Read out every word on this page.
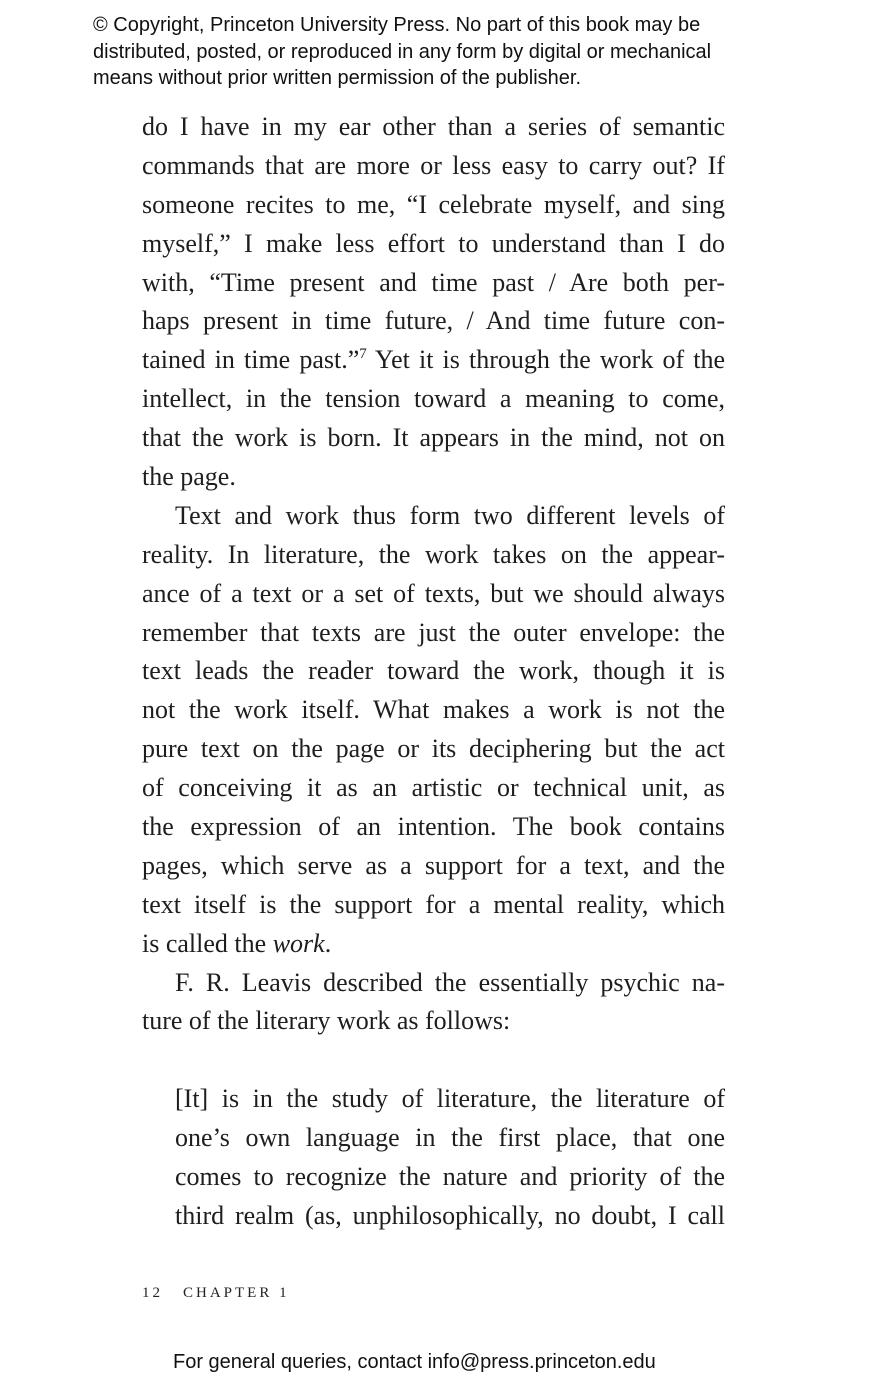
© Copyright, Princeton University Press. No part of this book may be
distributed, posted, or reproduced in any form by digital or mechanical
means without prior written permission of the publisher.
do I have in my ear other than a series of semantic
commands that are more or less easy to carry out? If
someone recites to me, “I celebrate myself, and sing
myself,” I make less effort to understand than I do
with, “Time present and time past / Are both per-
haps present in time future, / And time future con-
tained in time past.”$^7$ Yet it is through the work of the
intellect, in the tension toward a meaning to come,
that the work is born. It appears in the mind, not on
the page.
Text and work thus form two different levels of
reality. In literature, the work takes on the appear-
ance of a text or a set of texts, but we should always
remember that texts are just the outer envelope: the
text leads the reader toward the work, though it is
not the work itself. What makes a work is not the
pure text on the page or its deciphering but the act
of conceiving it as an artistic or technical unit, as
the expression of an intention. The book contains
pages, which serve as a support for a text, and the
text itself is the support for a mental reality, which
is called the work.
F. R. Leavis described the essentially psychic na-
ture of the literary work as follows:
[It] is in the study of literature, the literature of
one’s own language in the first place, that one
comes to recognize the nature and priority of the
third realm (as, unphilosophically, no doubt, I call
12 CHAPTER 1
For general queries, contact info@press.princeton.edu
